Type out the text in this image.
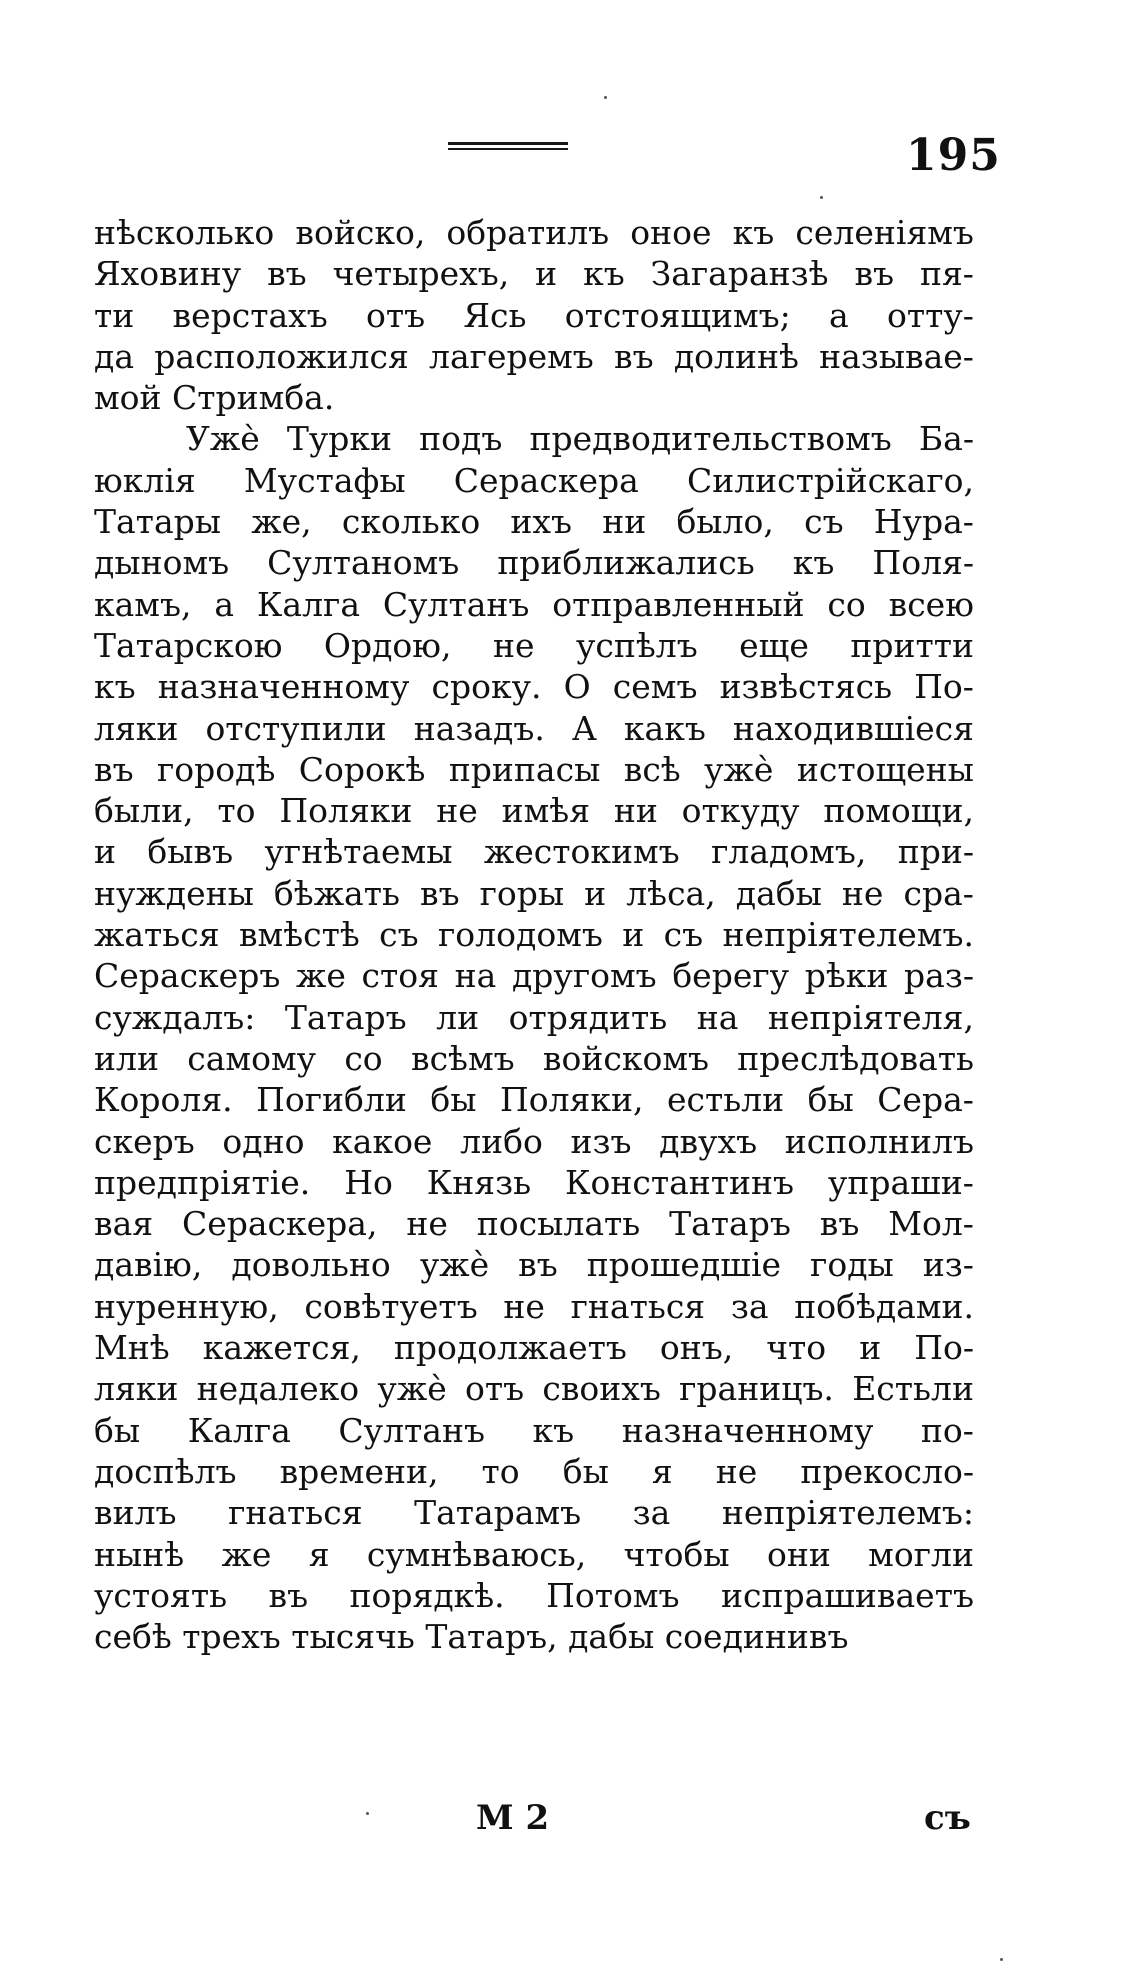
195
нѣсколько войско, обратилъ оное къ селеніямъ
Яховину въ четырехъ, и къ Загаранзѣ въ пя-
ти верстахъ отъ Ясь отстоящимъ; а отту-
да расположился лагеремъ въ долинѣ называе-
мой Стримба.
Ужѐ Турки подъ предводительствомъ Ба-
юклія Мустафы Сераскера Силистрійскаго,
Татары же, сколько ихъ ни было, съ Нура-
дыномъ Султаномъ приближались къ Поля-
камъ, а Калга Султанъ отправленный со всею
Татарскою Ордою, не успѣлъ еще притти
къ назначенному сроку. О семъ извѣстясь По-
ляки отступили назадъ. А какъ находившіеся
въ городѣ Сорокѣ припасы всѣ ужѐ истощены
были, то Поляки не имѣя ни откуду помощи,
и бывъ угнѣтаемы жестокимъ гладомъ, при-
нуждены бѣжать въ горы и лѣса, дабы не сра-
жаться вмѣстѣ съ голодомъ и съ непріятелемъ.
Сераскеръ же стоя на другомъ берегу рѣки раз-
суждалъ: Татаръ ли отрядить на непріятеля,
или самому со всѣмъ войскомъ преслѣдовать
Короля. Погибли бы Поляки, естьли бы Сера-
скеръ одно какое либо изъ двухъ исполнилъ
предпріятіе. Но Князь Константинъ упраши-
вая Сераскера, не посылать Татаръ въ Мол-
давію, довольно ужѐ въ прошедшіе годы из-
нуренную, совѣтуетъ не гнаться за побѣдами.
Мнѣ кажется, продолжаетъ онъ, что и По-
ляки недалеко ужѐ отъ своихъ границъ. Естьли
бы Калга Султанъ къ назначенному по-
доспѣлъ времени, то бы я не прекосло-
вилъ гнаться Татарамъ за непріятелемъ:
нынѣ же я сумнѣваюсь, чтобы они могли
устоять въ порядкѣ. Потомъ испрашиваетъ
себѣ трехъ тысячь Татаръ, дабы соединивъ
M 2	съ
